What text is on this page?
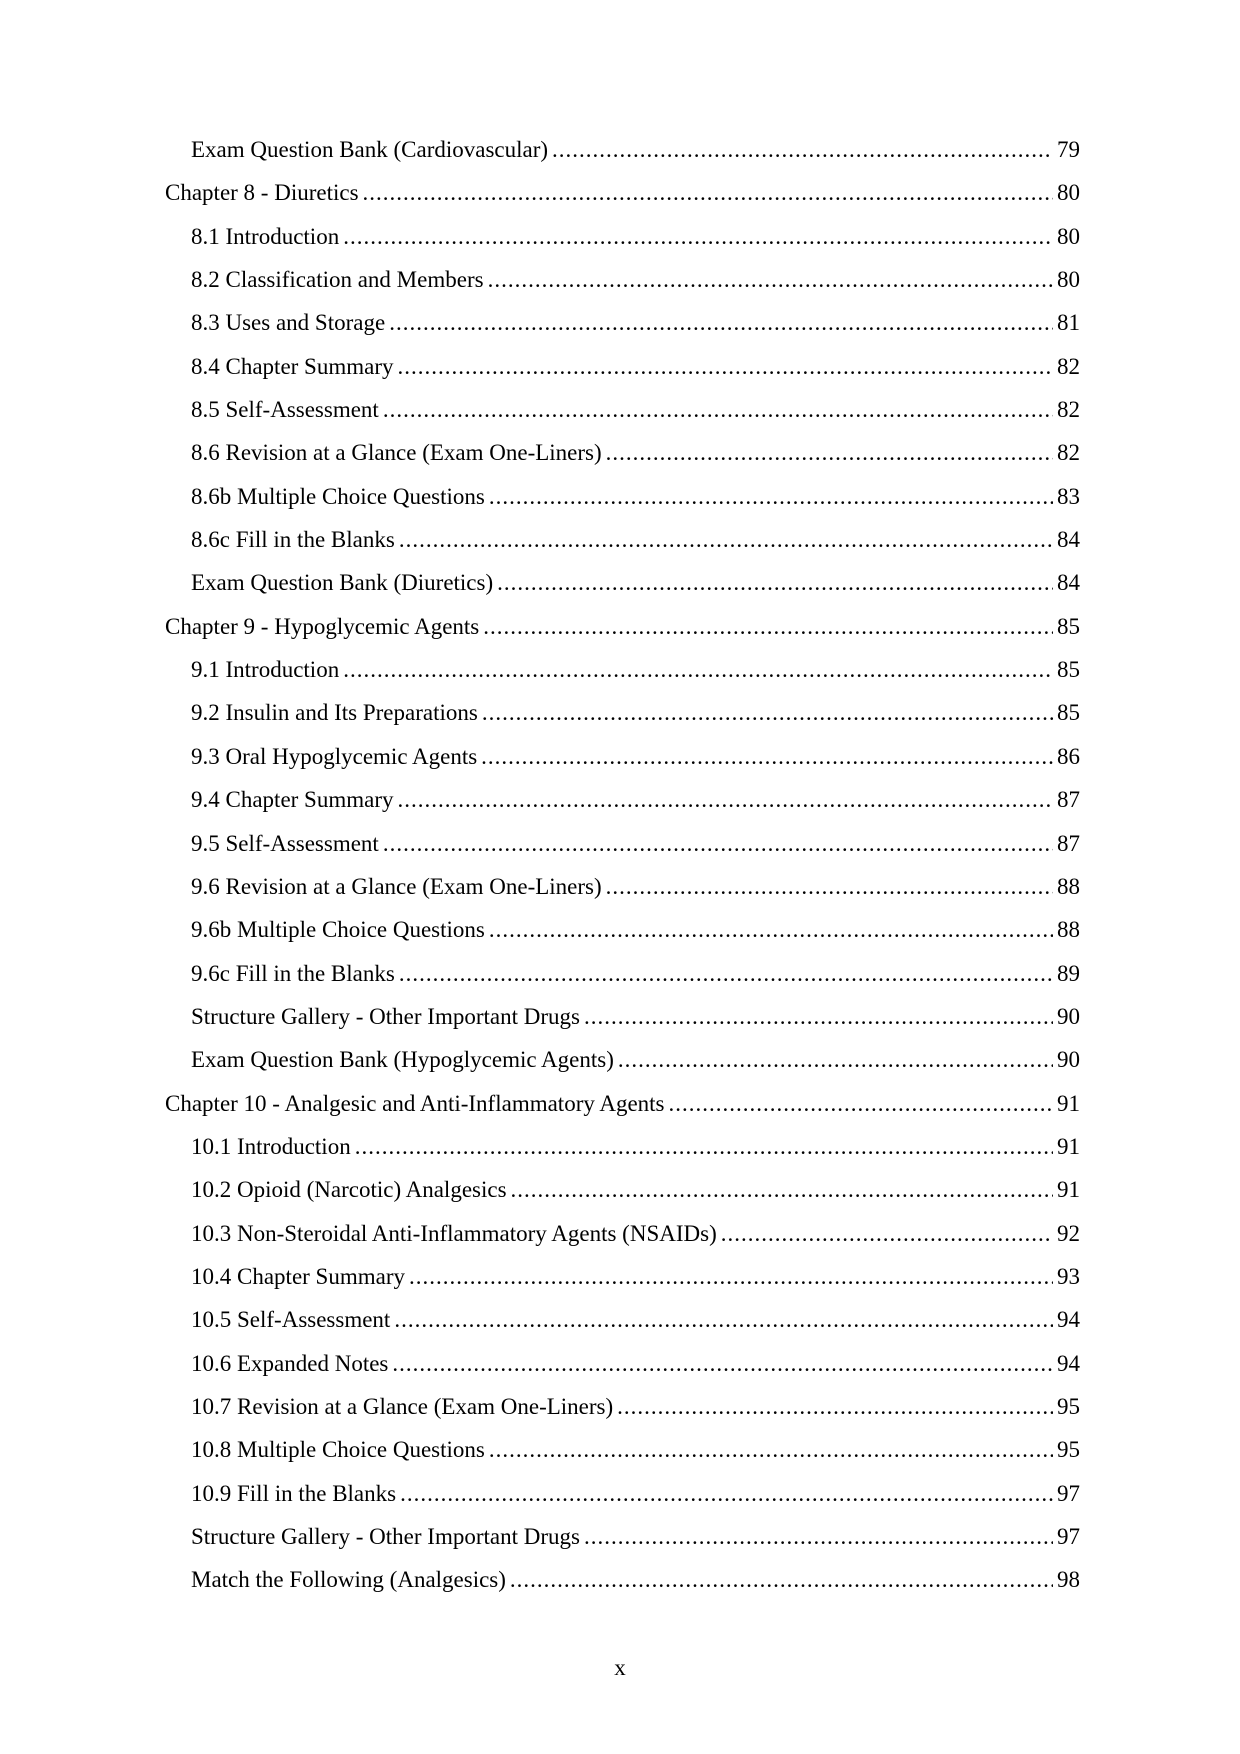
Exam Question Bank (Cardiovascular) .....	79
Chapter 8 - Diuretics .....	80
8.1 Introduction .....	80
8.2 Classification and Members .....	80
8.3 Uses and Storage .....	81
8.4 Chapter Summary .....	82
8.5 Self-Assessment .....	82
8.6 Revision at a Glance (Exam One-Liners) .....	82
8.6b Multiple Choice Questions .....	83
8.6c Fill in the Blanks .....	84
Exam Question Bank (Diuretics) .....	84
Chapter 9 - Hypoglycemic Agents .....	85
9.1 Introduction .....	85
9.2 Insulin and Its Preparations .....	85
9.3 Oral Hypoglycemic Agents .....	86
9.4 Chapter Summary .....	87
9.5 Self-Assessment .....	87
9.6 Revision at a Glance (Exam One-Liners) .....	88
9.6b Multiple Choice Questions .....	88
9.6c Fill in the Blanks .....	89
Structure Gallery - Other Important Drugs .....	90
Exam Question Bank (Hypoglycemic Agents) .....	90
Chapter 10 - Analgesic and Anti-Inflammatory Agents .....	91
10.1 Introduction .....	91
10.2 Opioid (Narcotic) Analgesics .....	91
10.3 Non-Steroidal Anti-Inflammatory Agents (NSAIDs) .....	92
10.4 Chapter Summary .....	93
10.5 Self-Assessment .....	94
10.6 Expanded Notes .....	94
10.7 Revision at a Glance (Exam One-Liners) .....	95
10.8 Multiple Choice Questions .....	95
10.9 Fill in the Blanks .....	97
Structure Gallery - Other Important Drugs .....	97
Match the Following (Analgesics) .....	98
x
